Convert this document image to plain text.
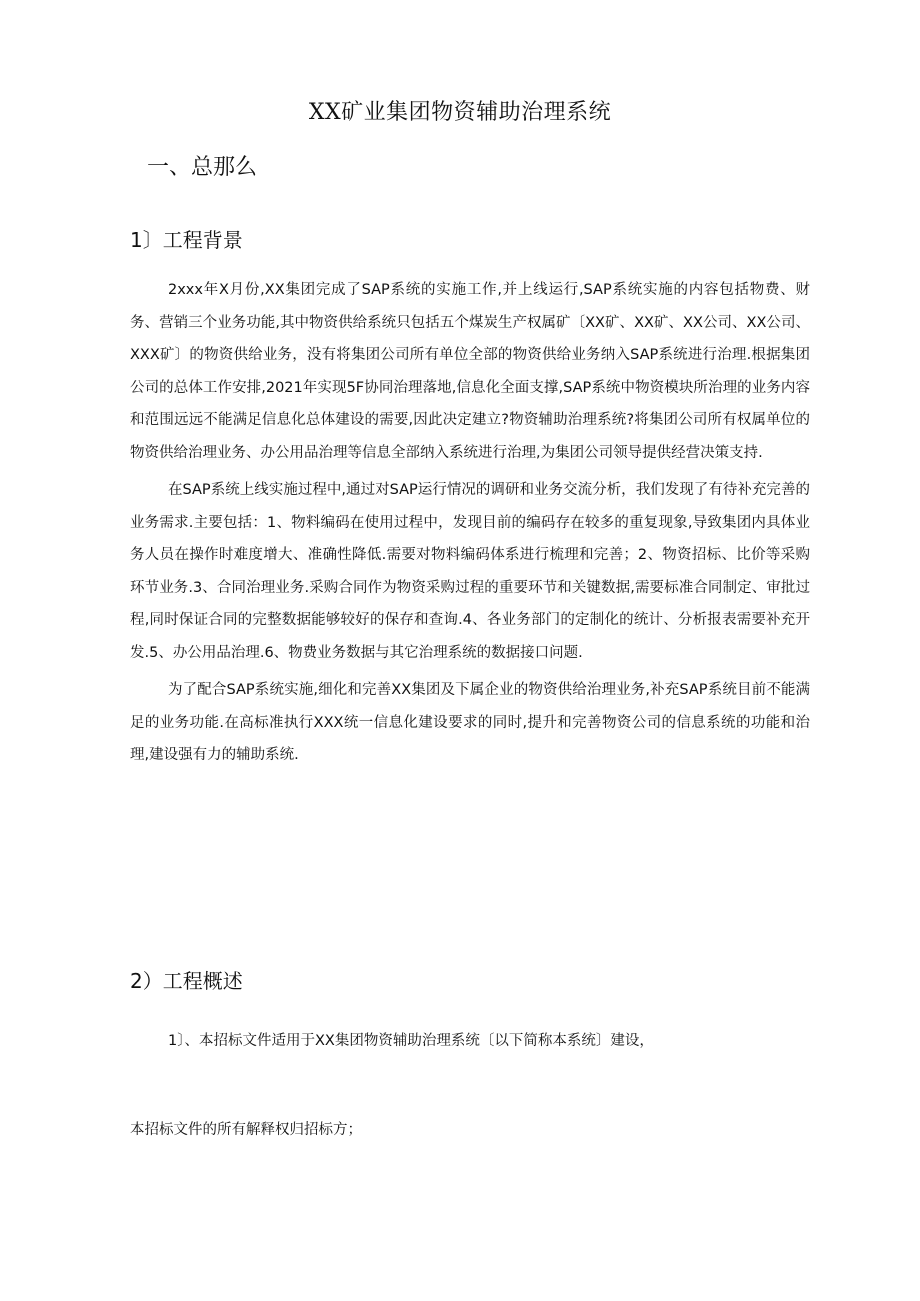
XX矿业集团物资辅助治理系统
一、总那么
1〕工程背景

2xxx年X月份,XX集团完成了SAP系统的实施工作,并上线运行,SAP系统实施的内容包括物费、财务、营销三个业务功能,其中物资供给系统只包括五个煤炭生产权属矿〔XX矿、XX矿、XX公司、XX公司、XXX矿〕的物资供给业务，没有将集团公司所有单位全部的物资供给业务纳入SAP系统进行治理.根据集团公司的总体工作安排,2021年实现5F协同治理落地,信息化全面支撑,SAP系统中物资模块所治理的业务内容和范围远远不能满足信息化总体建设的需要,因此决定建立?物资辅助治理系统?将集团公司所有权属单位的物资供给治理业务、办公用品治理等信息全部纳入系统进行治理,为集团公司领导提供经营决策支持.

在SAP系统上线实施过程中,通过对SAP运行情况的调研和业务交流分析，我们发现了有待补充完善的业务需求.主要包括：1、物料编码在使用过程中，发现目前的编码存在较多的重复现象,导致集团内具体业务人员在操作时难度增大、准确性降低.需要对物料编码体系进行梳理和完善；2、物资招标、比价等采购环节业务.3、合同治理业务.采购合同作为物资采购过程的重要环节和关键数据,需要标准合同制定、审批过程,同时保证合同的完整数据能够较好的保存和查询.4、各业务部门的定制化的统计、分析报表需要补充开发.5、办公用品治理.6、物费业务数据与其它治理系统的数据接口问题.

为了配合SAP系统实施,细化和完善XX集团及下属企业的物资供给治理业务,补充SAP系统目前不能满足的业务功能.在高标准执行XXX统一信息化建设要求的同时,提升和完善物资公司的信息系统的功能和治理,建设强有力的辅助系统.

2）工程概述
1〕、本招标文件适用于XX集团物资辅助治理系统〔以下简称本系统〕建设，
本招标文件的所有解释权归招标方；
